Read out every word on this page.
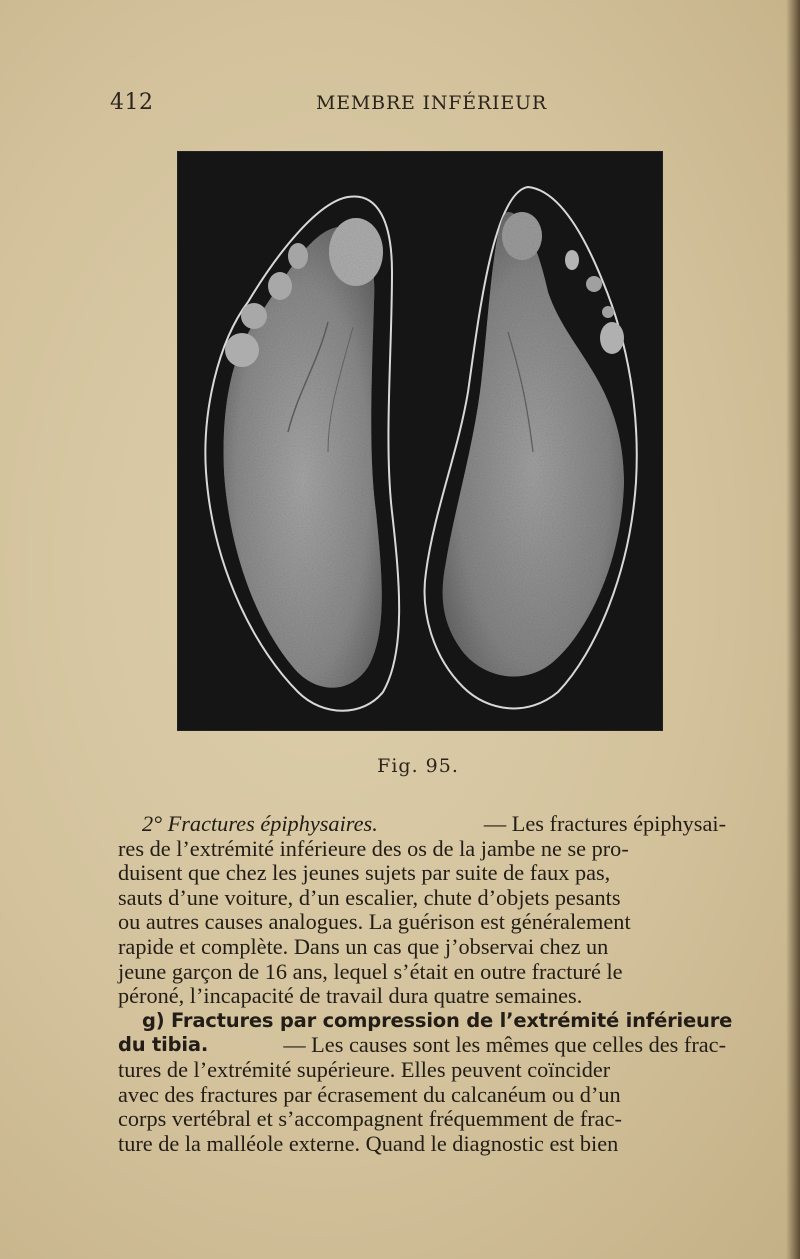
412	MEMBRE INFÉRIEUR
Fig. 95.
2° Fractures épiphysaires.	— Les fractures épiphysai-
res de l’extrémité inférieure des os de la jambe ne se pro-
duisent que chez les jeunes sujets par suite de faux pas,
sauts d’une voiture, d’un escalier, chute d’objets pesants
ou autres causes analogues. La guérison est généralement
rapide et complète. Dans un cas que j’observai chez un
jeune garçon de 16 ans, lequel s’était en outre fracturé le
péroné, l’incapacité de travail dura quatre semaines.
g) Fractures par compression de l’extrémité inférieure
du tibia.	— Les causes sont les mêmes que celles des frac-
tures de l’extrémité supérieure. Elles peuvent coïncider
avec des fractures par écrasement du calcanéum ou d’un
corps vertébral et s’accompagnent fréquemment de frac-
ture de la malléole externe. Quand le diagnostic est bien
